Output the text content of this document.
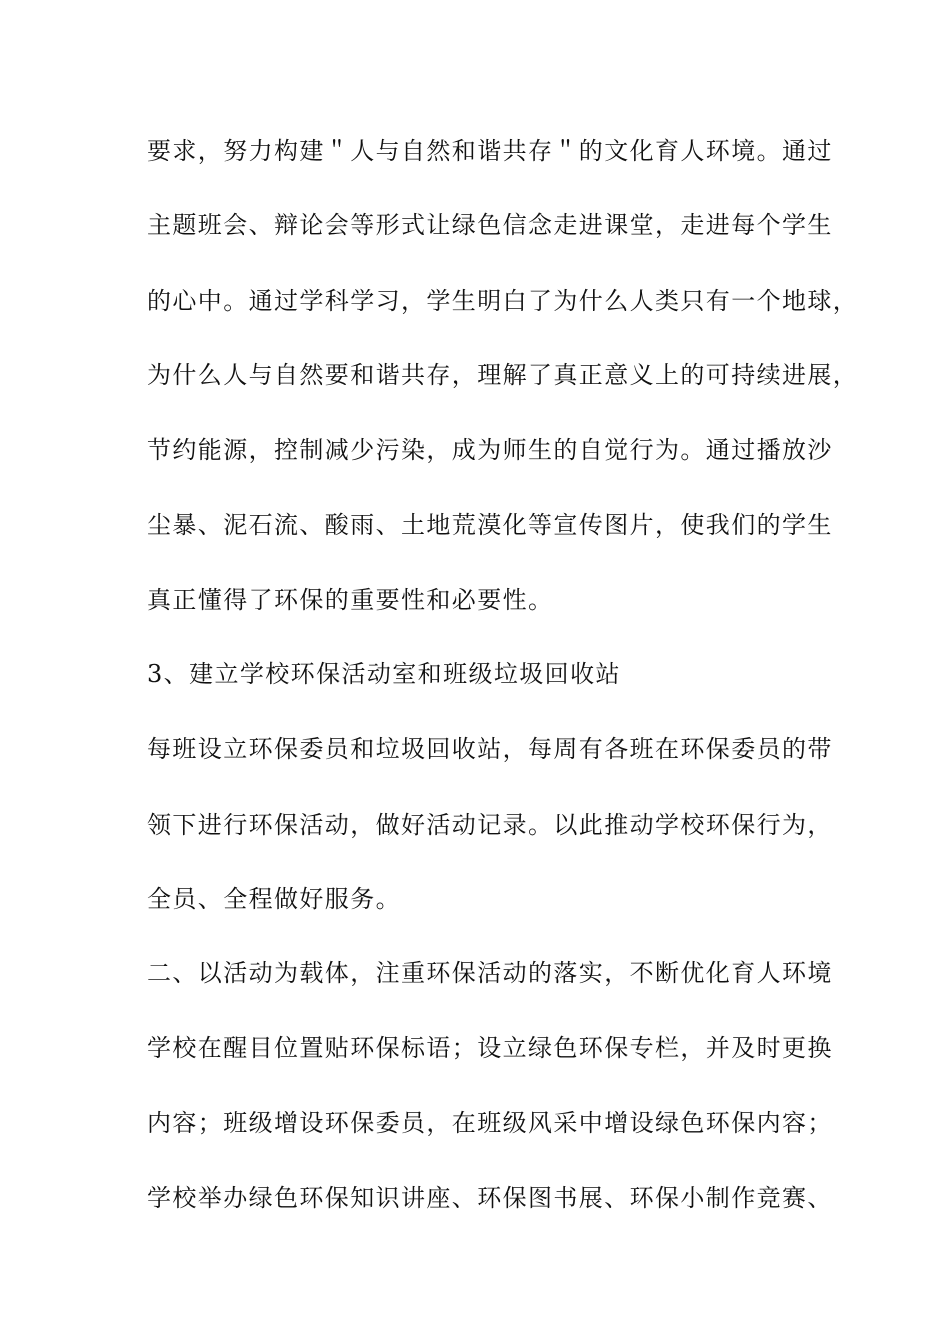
要求，努力构建＂人与自然和谐共存＂的文化育人环境。通过
主题班会、辩论会等形式让绿色信念走进课堂，走进每个学生
的心中。通过学科学习，学生明白了为什么人类只有一个地球，
为什么人与自然要和谐共存，理解了真正意义上的可持续进展，
节约能源，控制减少污染，成为师生的自觉行为。通过播放沙
尘暴、泥石流、酸雨、土地荒漠化等宣传图片，使我们的学生
真正懂得了环保的重要性和必要性。
3、建立学校环保活动室和班级垃圾回收站
每班设立环保委员和垃圾回收站，每周有各班在环保委员的带
领下进行环保活动，做好活动记录。以此推动学校环保行为，
全员、全程做好服务。
二、以活动为载体，注重环保活动的落实，不断优化育人环境
学校在醒目位置贴环保标语；设立绿色环保专栏，并及时更换
内容；班级增设环保委员，在班级风采中增设绿色环保内容；
学校举办绿色环保知识讲座、环保图书展、环保小制作竞赛、
